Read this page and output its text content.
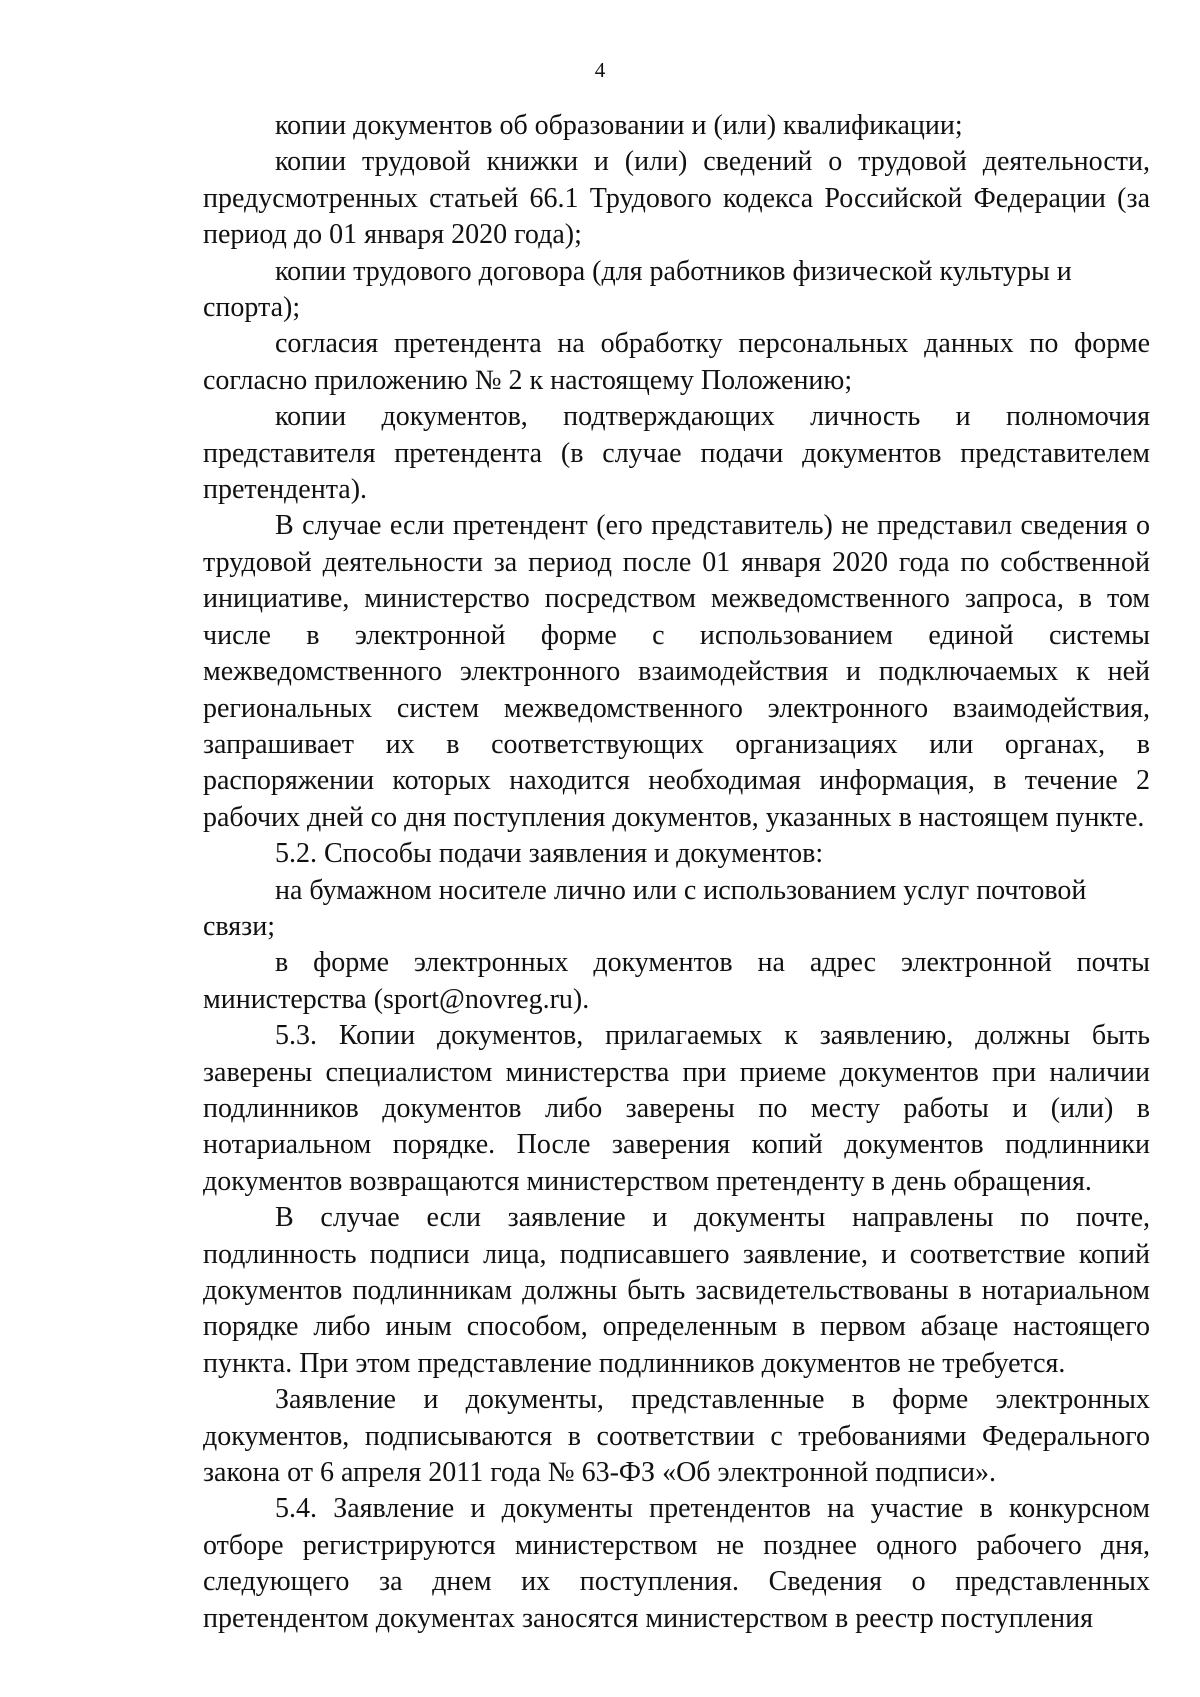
4

копии документов об образовании и (или) квалификации;

копии трудовой книжки и (или) сведений о трудовой деятельности, предусмотренных статьей 66.1 Трудового кодекса Российской Федерации (за период до 01 января 2020 года);

копии трудового договора (для работников физической культуры и спорта);

согласия претендента на обработку персональных данных по форме согласно приложению № 2 к настоящему Положению;

копии документов, подтверждающих личность и полномочия представителя претендента (в случае подачи документов представителем претендента).

В случае если претендент (его представитель) не представил сведения о трудовой деятельности за период после 01 января 2020 года по собственной инициативе, министерство посредством межведомственного запроса, в том числе в электронной форме с использованием единой системы межведомственного электронного взаимодействия и подключаемых к ней региональных систем межведомственного электронного взаимодействия, запрашивает их в соответствующих организациях или органах, в распоряжении которых находится необходимая информация, в течение 2 рабочих дней со дня поступления документов, указанных в настоящем пункте.

5.2. Способы подачи заявления и документов:

на бумажном носителе лично или с использованием услуг почтовой связи;

в форме электронных документов на адрес электронной почты министерства (sport@novreg.ru).

5.3. Копии документов, прилагаемых к заявлению, должны быть заверены специалистом министерства при приеме документов при наличии подлинников документов либо заверены по месту работы и (или) в нотариальном порядке. После заверения копий документов подлинники документов возвращаются министерством претенденту в день обращения.

В случае если заявление и документы направлены по почте, подлинность подписи лица, подписавшего заявление, и соответствие копий документов подлинникам должны быть засвидетельствованы в нотариальном порядке либо иным способом, определенным в первом абзаце настоящего пункта. При этом представление подлинников документов не требуется.

Заявление и документы, представленные в форме электронных документов, подписываются в соответствии с требованиями Федерального закона от 6 апреля 2011 года № 63-ФЗ «Об электронной подписи».

5.4. Заявление и документы претендентов на участие в конкурсном отборе регистрируются министерством не позднее одного рабочего дня, следующего за днем их поступления. Сведения о представленных претендентом документах заносятся министерством в реестр поступления
